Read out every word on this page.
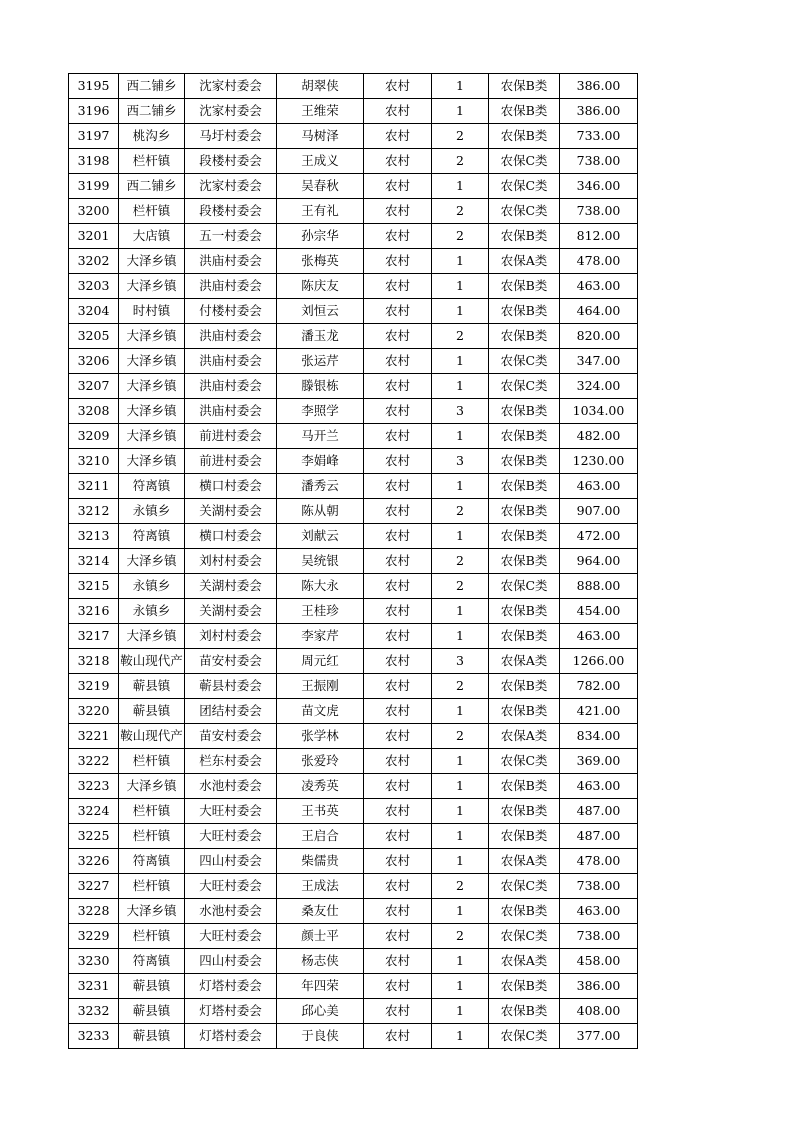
3195	西二铺乡	沈家村委会	胡翠侠	农村	1	农保B类	386.00
3196	西二铺乡	沈家村委会	王维荣	农村	1	农保B类	386.00
3197	桃沟乡	马圩村委会	马树泽	农村	2	农保B类	733.00
3198	栏杆镇	段楼村委会	王成义	农村	2	农保C类	738.00
3199	西二铺乡	沈家村委会	吴春秋	农村	1	农保C类	346.00
3200	栏杆镇	段楼村委会	王有礼	农村	2	农保C类	738.00
3201	大店镇	五一村委会	孙宗华	农村	2	农保B类	812.00
3202	大泽乡镇	洪庙村委会	张梅英	农村	1	农保A类	478.00
3203	大泽乡镇	洪庙村委会	陈庆友	农村	1	农保B类	463.00
3204	时村镇	付楼村委会	刘恒云	农村	1	农保B类	464.00
3205	大泽乡镇	洪庙村委会	潘玉龙	农村	2	农保B类	820.00
3206	大泽乡镇	洪庙村委会	张运芹	农村	1	农保C类	347.00
3207	大泽乡镇	洪庙村委会	滕银栋	农村	1	农保C类	324.00
3208	大泽乡镇	洪庙村委会	李照学	农村	3	农保B类	1034.00
3209	大泽乡镇	前进村委会	马开兰	农村	1	农保B类	482.00
3210	大泽乡镇	前进村委会	李娟峰	农村	3	农保B类	1230.00
3211	符离镇	横口村委会	潘秀云	农村	1	农保B类	463.00
3212	永镇乡	关湖村委会	陈从朝	农村	2	农保B类	907.00
3213	符离镇	横口村委会	刘献云	农村	1	农保B类	472.00
3214	大泽乡镇	刘村村委会	吴统银	农村	2	农保B类	964.00
3215	永镇乡	关湖村委会	陈大永	农村	2	农保C类	888.00
3216	永镇乡	关湖村委会	王桂珍	农村	1	农保B类	454.00
3217	大泽乡镇	刘村村委会	李家芹	农村	1	农保B类	463.00
3218	鞍山现代产	苗安村委会	周元红	农村	3	农保A类	1266.00
3219	蕲县镇	蕲县村委会	王振刚	农村	2	农保B类	782.00
3220	蕲县镇	团结村委会	苗文虎	农村	1	农保B类	421.00
3221	鞍山现代产	苗安村委会	张学林	农村	2	农保A类	834.00
3222	栏杆镇	栏东村委会	张爱玲	农村	1	农保C类	369.00
3223	大泽乡镇	水池村委会	凌秀英	农村	1	农保B类	463.00
3224	栏杆镇	大旺村委会	王书英	农村	1	农保B类	487.00
3225	栏杆镇	大旺村委会	王启合	农村	1	农保B类	487.00
3226	符离镇	四山村委会	柴儒贵	农村	1	农保A类	478.00
3227	栏杆镇	大旺村委会	王成法	农村	2	农保C类	738.00
3228	大泽乡镇	水池村委会	桑友仕	农村	1	农保B类	463.00
3229	栏杆镇	大旺村委会	颜士平	农村	2	农保C类	738.00
3230	符离镇	四山村委会	杨志侠	农村	1	农保A类	458.00
3231	蕲县镇	灯塔村委会	年四荣	农村	1	农保B类	386.00
3232	蕲县镇	灯塔村委会	邱心美	农村	1	农保B类	408.00
3233	蕲县镇	灯塔村委会	于良侠	农村	1	农保C类	377.00
